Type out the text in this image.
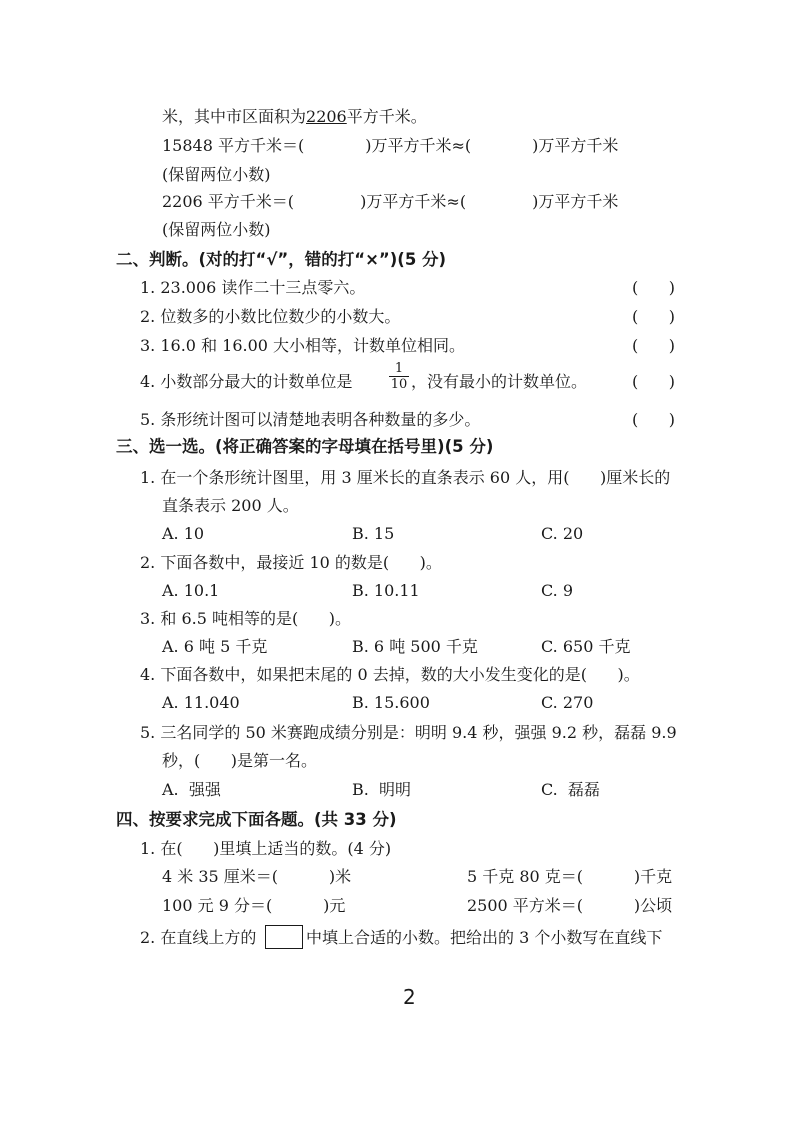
米，其中市区面积为2206平方千米。
15848 平方千米＝(            )万平方千米≈(            )万平方千米
(保留两位小数)
2206 平方千米＝(             )万平方千米≈(             )万平方千米
(保留两位小数)
二、判断。(对的打“√”，错的打“×”)(5 分)
1. 23.006 读作二十三点零六。	(      )
2. 位数多的小数比位数少的小数大。	(      )
3. 16.0 和 16.00 大小相等，计数单位相同。	(      )
4. 小数部分最大的计数单位是	$\frac{1}{10}$ ，没有最小的计数单位。	(      )
5. 条形统计图可以清楚地表明各种数量的多少。	(      )
三、选一选。(将正确答案的字母填在括号里)(5 分)
1. 在一个条形统计图里，用 3 厘米长的直条表示 60 人，用(      )厘米长的
直条表示 200 人。
A. 10	B. 15	C. 20
2. 下面各数中，最接近 10 的数是(      )。
A. 10.1	B. 10.11	C. 9
3. 和 6.5 吨相等的是(      )。
A. 6 吨 5 千克	B. 6 吨 500 千克	C. 650 千克
4. 下面各数中，如果把末尾的 0 去掉，数的大小发生变化的是(      )。
A. 11.040	B. 15.600	C. 270
5. 三名同学的 50 米赛跑成绩分别是：明明 9.4 秒，强强 9.2 秒，磊磊 9.9
秒，(      )是第一名。
A.  强强	B.  明明	C.  磊磊
四、按要求完成下面各题。(共 33 分)
1. 在(      )里填上适当的数。(4 分)
4 米 35 厘米＝(          )米	5 千克 80 克＝(          )千克
100 元 9 分＝(          )元	2500 平方米＝(          )公顷
2. 在直线上方的	中填上合适的小数。把给出的 3 个小数写在直线下
2
